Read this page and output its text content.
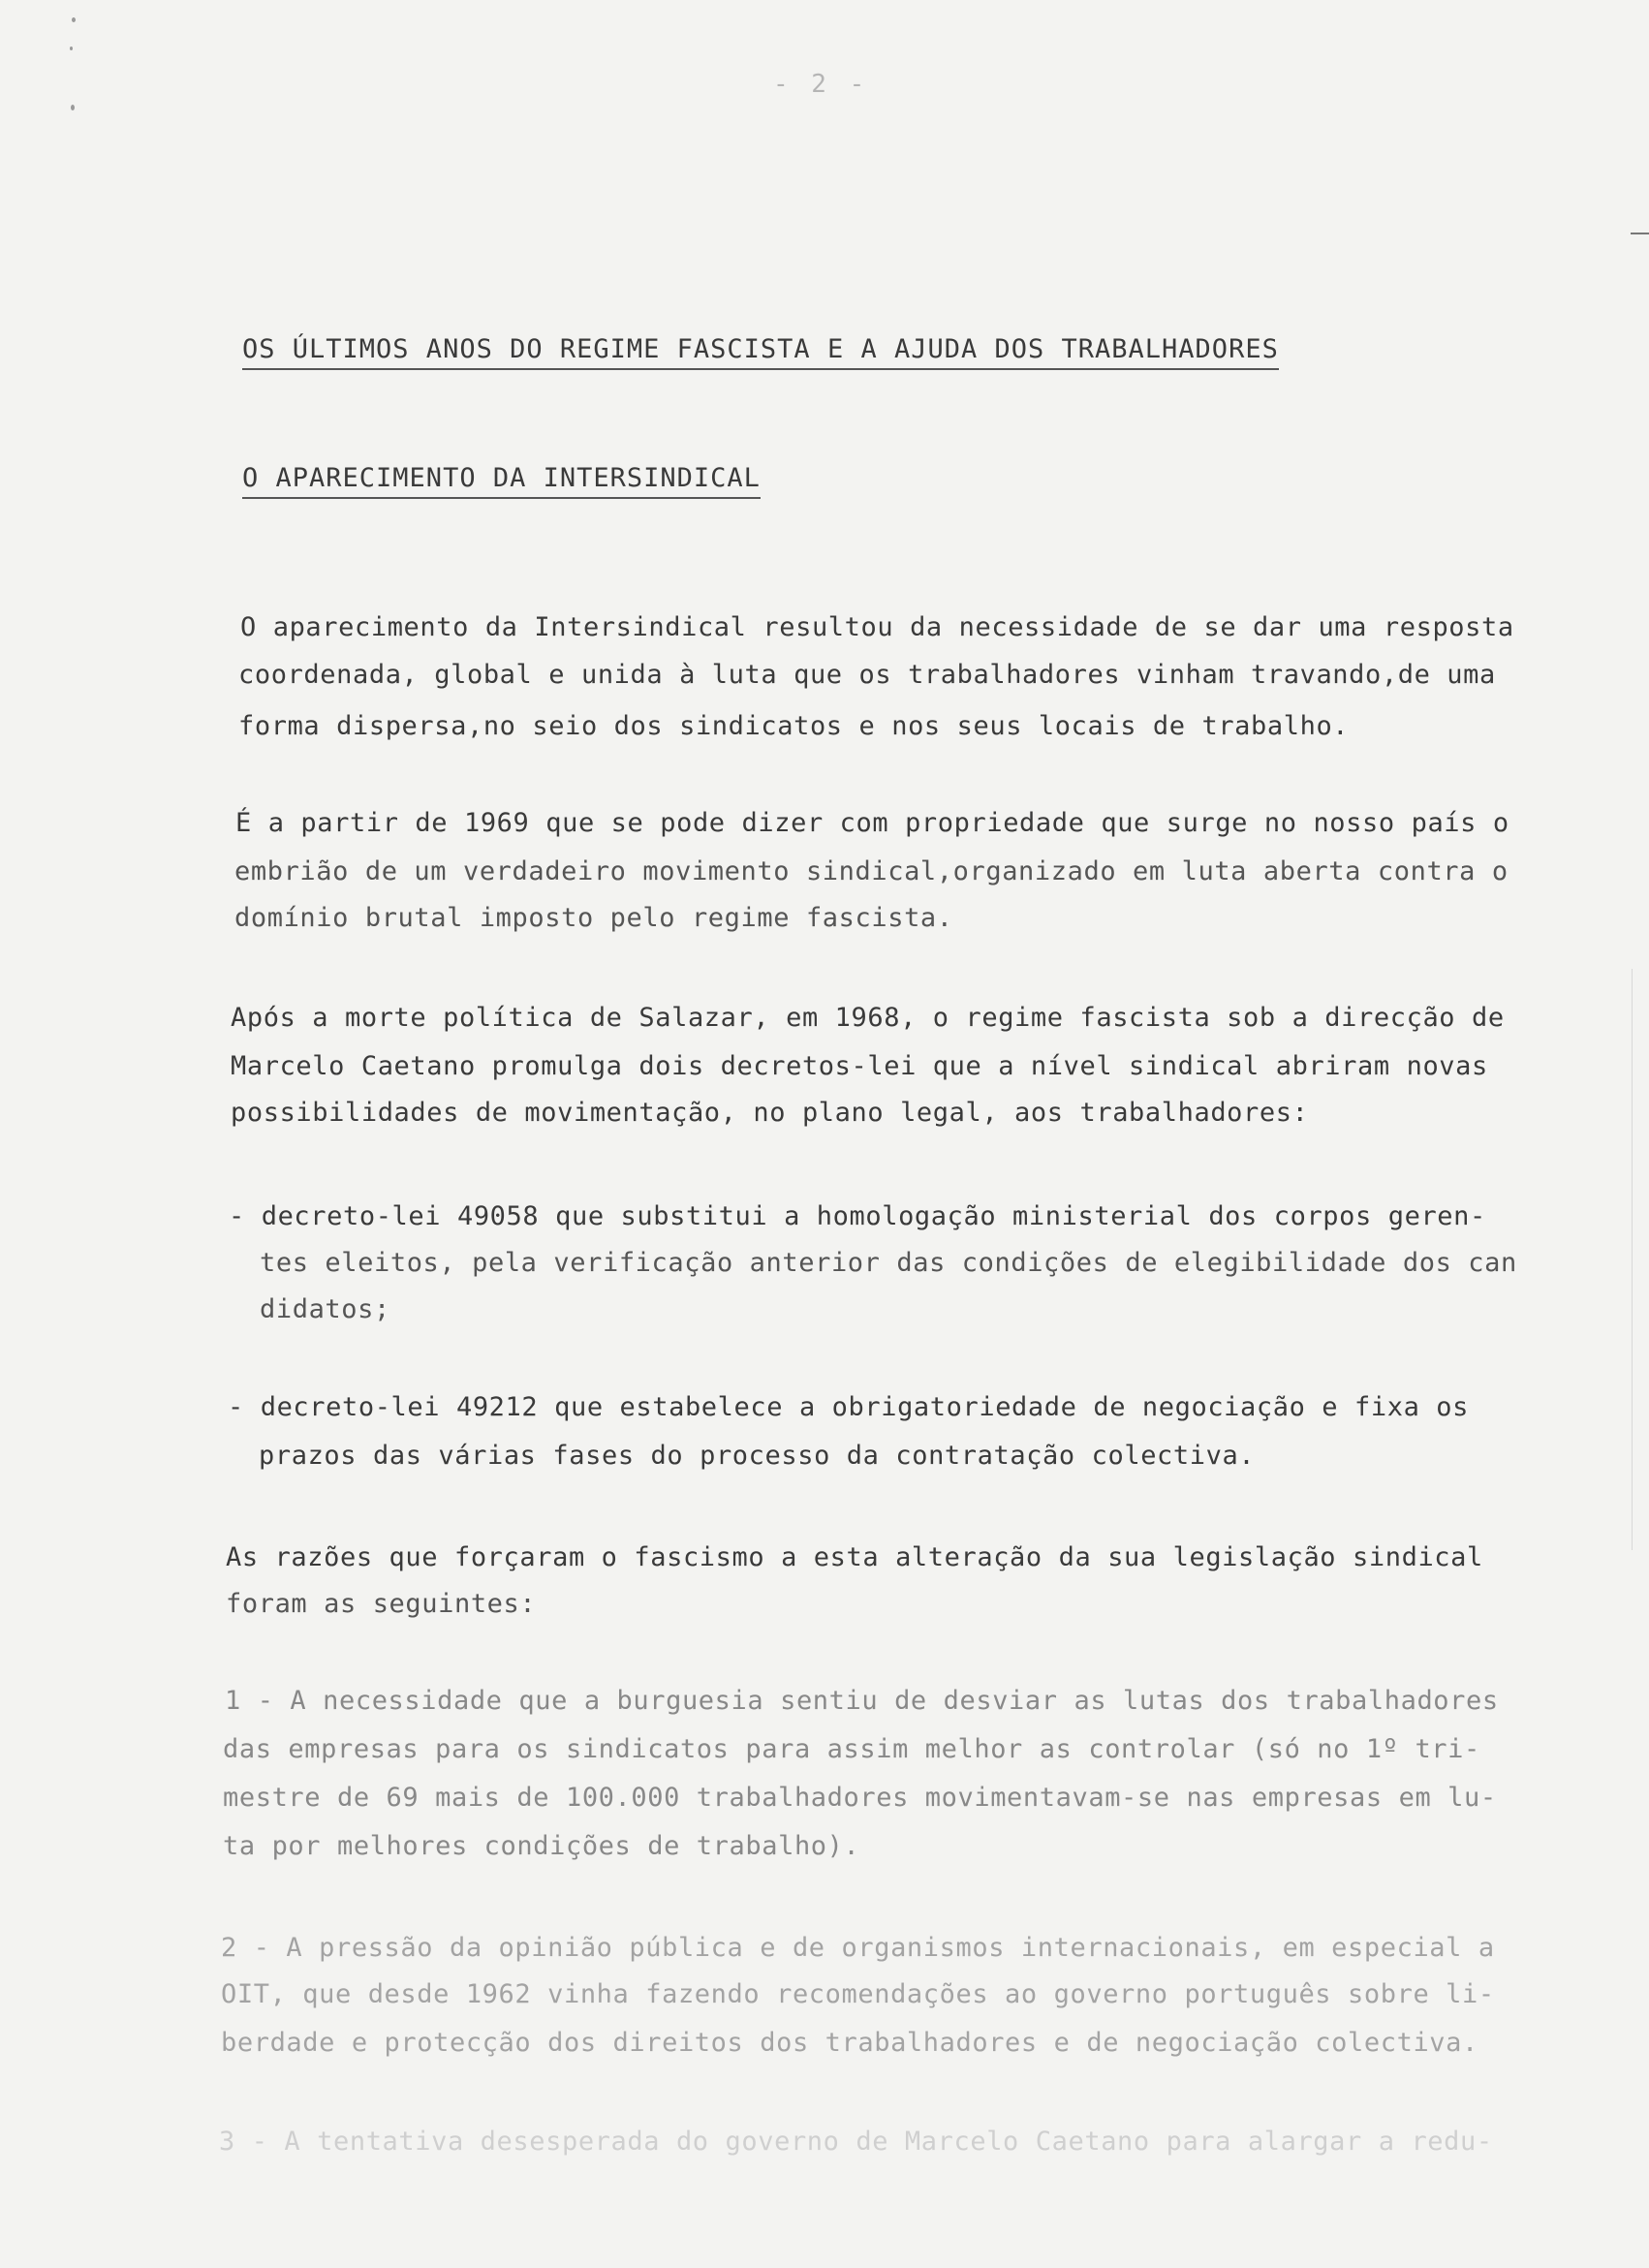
- 2 -
OS ÚLTIMOS ANOS DO REGIME FASCISTA E A AJUDA DOS TRABALHADORES
O APARECIMENTO DA INTERSINDICAL
O aparecimento da Intersindical resultou da necessidade de se dar uma resposta
coordenada, global e unida à luta que os trabalhadores vinham travando,de uma
forma dispersa,no seio dos sindicatos e nos seus locais de trabalho.
É a partir de 1969 que se pode dizer com propriedade que surge no nosso país o
embrião de um verdadeiro movimento sindical,organizado em luta aberta contra o
domínio brutal imposto pelo regime fascista.
Após a morte política de Salazar, em 1968, o regime fascista sob a direcção de
Marcelo Caetano promulga dois decretos-lei que a nível sindical abriram novas
possibilidades de movimentação, no plano legal, aos trabalhadores:
- decreto-lei 49058 que substitui a homologação ministerial dos corpos geren-
tes eleitos, pela verificação anterior das condições de elegibilidade dos can
didatos;
- decreto-lei 49212 que estabelece a obrigatoriedade de negociação e fixa os
prazos das várias fases do processo da contratação colectiva.
As razões que forçaram o fascismo a esta alteração da sua legislação sindical
foram as seguintes:
1 - A necessidade que a burguesia sentiu de desviar as lutas dos trabalhadores
das empresas para os sindicatos para assim melhor as controlar (só no 1º tri-
mestre de 69 mais de 100.000 trabalhadores movimentavam-se nas empresas em lu-
ta por melhores condições de trabalho).
2 - A pressão da opinião pública e de organismos internacionais, em especial a
OIT, que desde 1962 vinha fazendo recomendações ao governo português sobre li-
berdade e protecção dos direitos dos trabalhadores e de negociação colectiva.
3 - A tentativa desesperada do governo de Marcelo Caetano para alargar a redu-
